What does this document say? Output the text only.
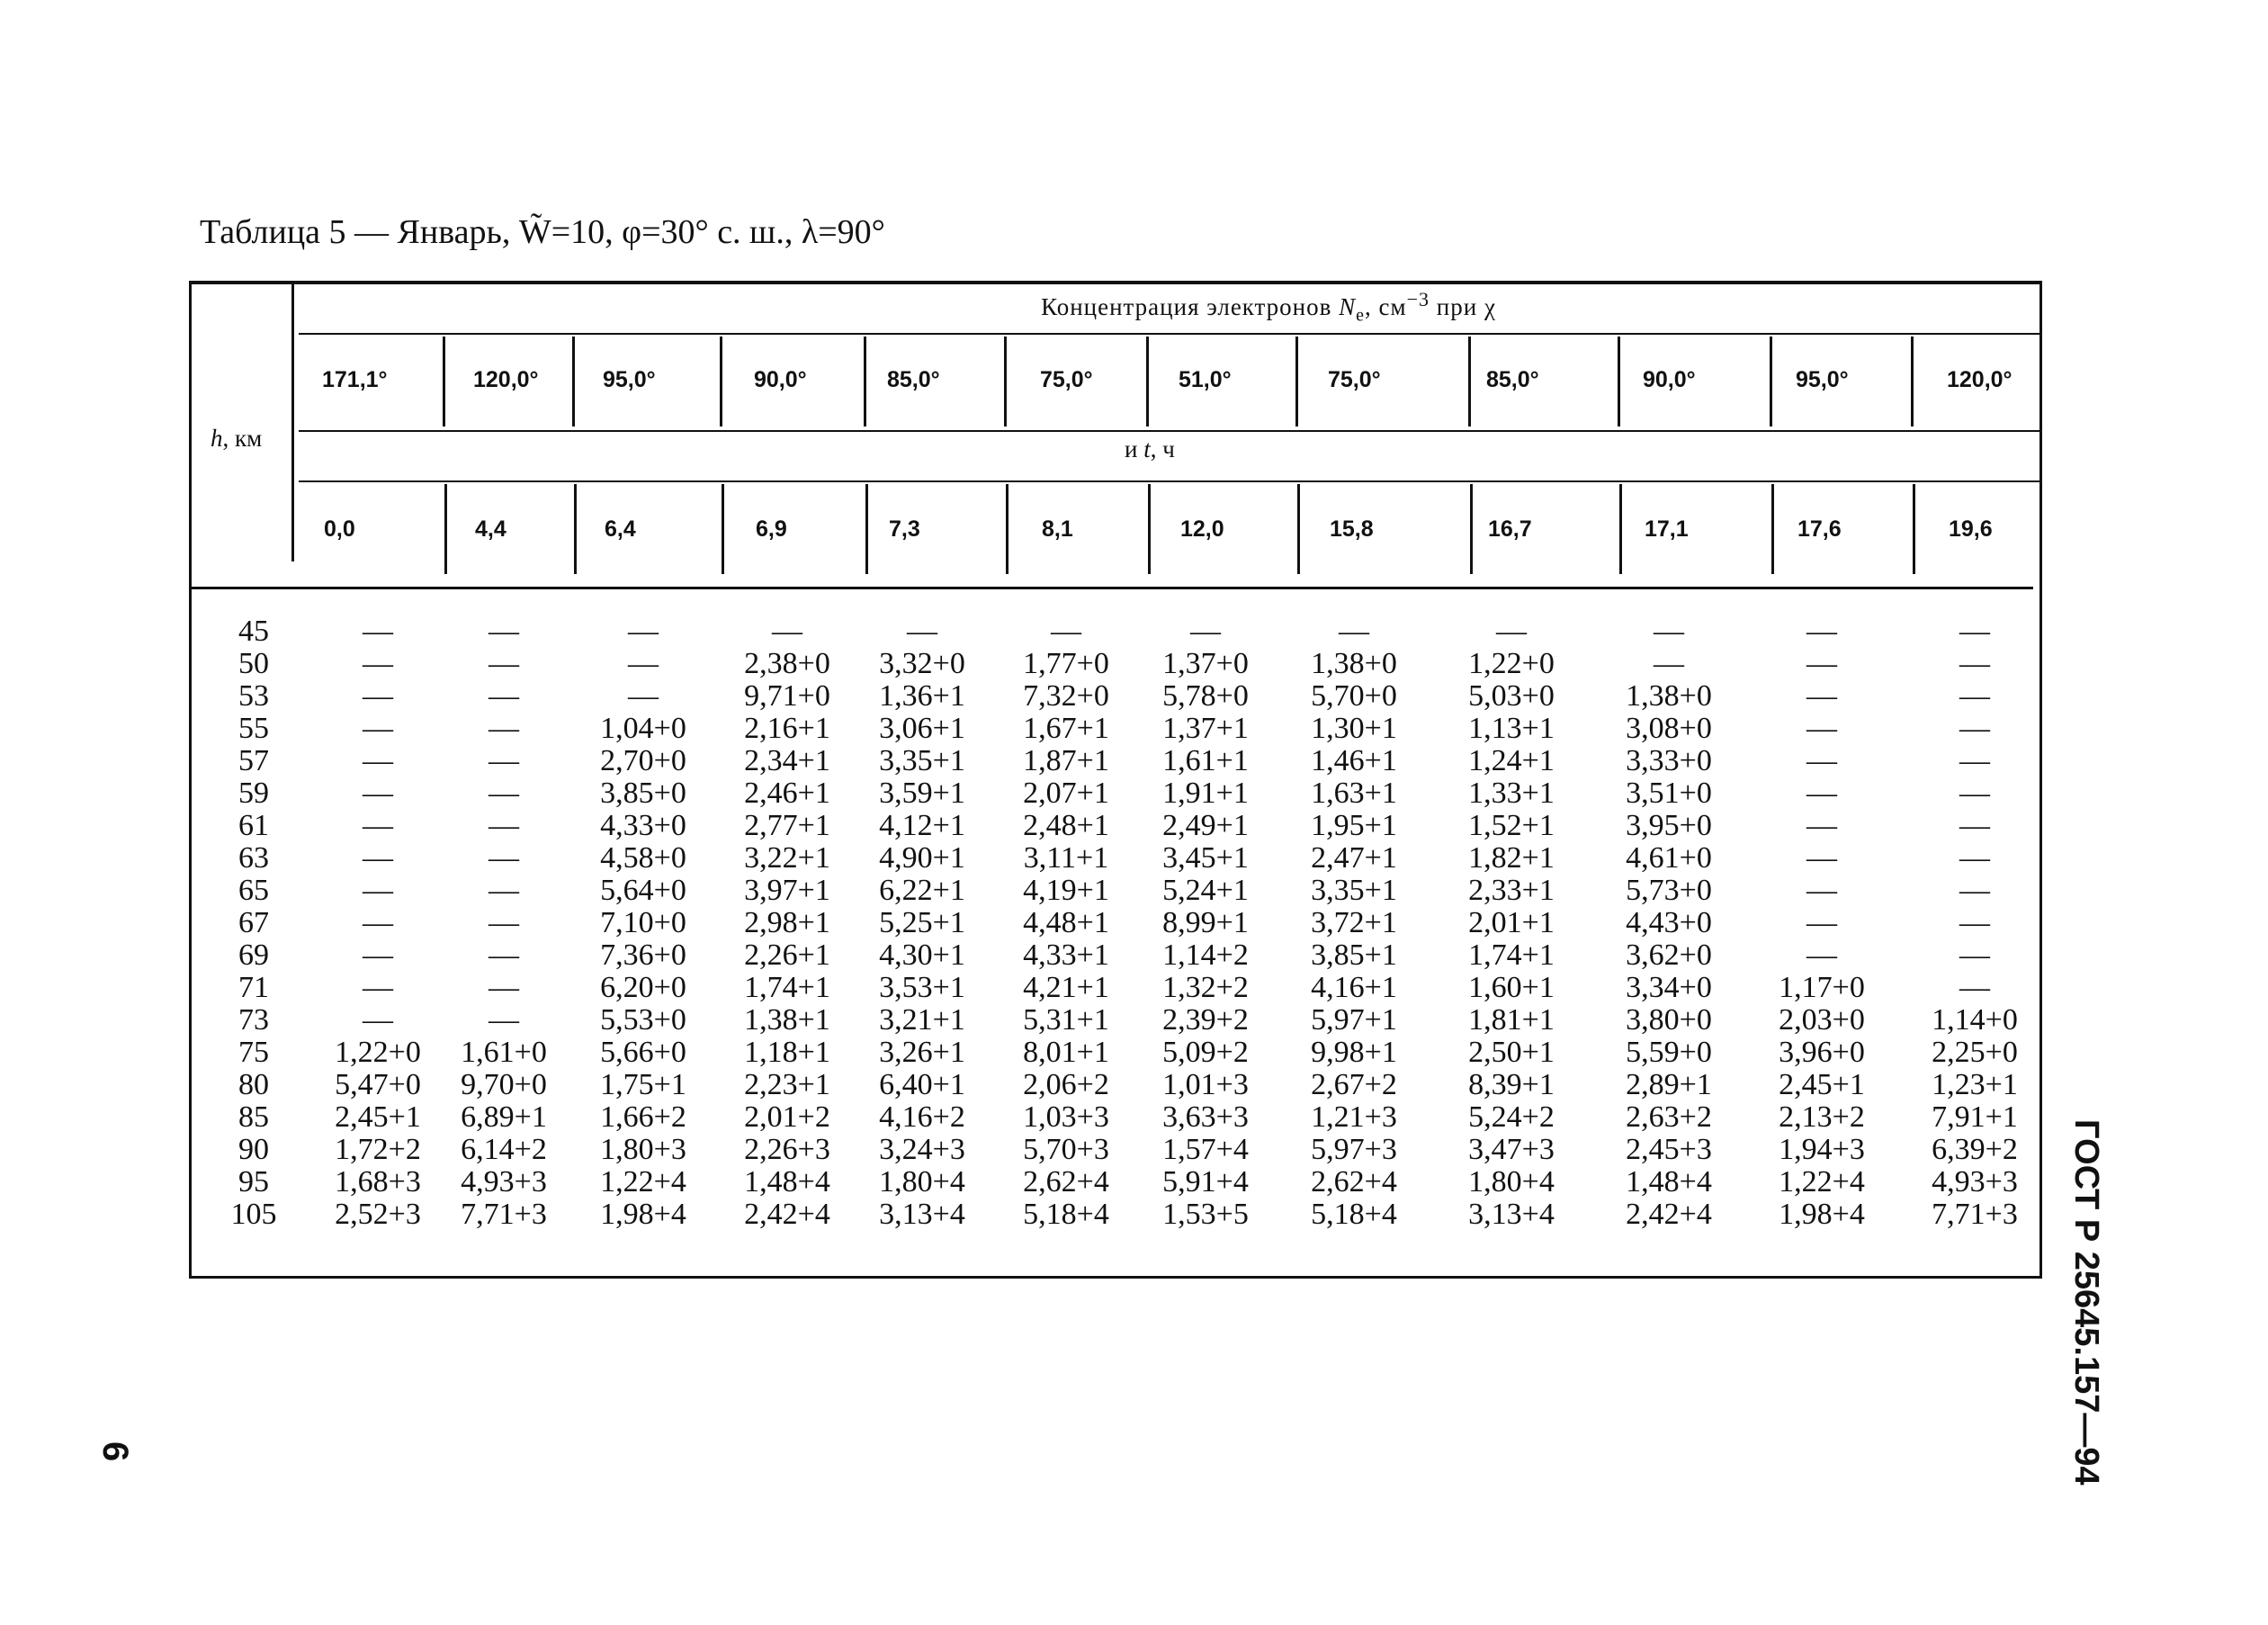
Таблица 5 — Январь, W̃=10, φ=30° с. ш., λ=90°
Концентрация электронов $N_e$, $см^{-3}$ при χ
и t, ч
h, км
171,1°	120,0°	95,0°	90,0°	85,0°	75,0°	51,0°	75,0°	85,0°	90,0°	95,0°	120,0°
0,0	4,4	6,4	6,9	7,3	8,1	12,0	15,8	16,7	17,1	17,6	19,6
45	—	—	—	—	—	—	—	—	—	—	—	—
50	—	—	—	2,38+0	3,32+0	1,77+0	1,37+0	1,38+0	1,22+0	—	—	—
53	—	—	—	9,71+0	1,36+1	7,32+0	5,78+0	5,70+0	5,03+0	1,38+0	—	—
55	—	—	1,04+0	2,16+1	3,06+1	1,67+1	1,37+1	1,30+1	1,13+1	3,08+0	—	—
57	—	—	2,70+0	2,34+1	3,35+1	1,87+1	1,61+1	1,46+1	1,24+1	3,33+0	—	—
59	—	—	3,85+0	2,46+1	3,59+1	2,07+1	1,91+1	1,63+1	1,33+1	3,51+0	—	—
61	—	—	4,33+0	2,77+1	4,12+1	2,48+1	2,49+1	1,95+1	1,52+1	3,95+0	—	—
63	—	—	4,58+0	3,22+1	4,90+1	3,11+1	3,45+1	2,47+1	1,82+1	4,61+0	—	—
65	—	—	5,64+0	3,97+1	6,22+1	4,19+1	5,24+1	3,35+1	2,33+1	5,73+0	—	—
67	—	—	7,10+0	2,98+1	5,25+1	4,48+1	8,99+1	3,72+1	2,01+1	4,43+0	—	—
69	—	—	7,36+0	2,26+1	4,30+1	4,33+1	1,14+2	3,85+1	1,74+1	3,62+0	—	—
71	—	—	6,20+0	1,74+1	3,53+1	4,21+1	1,32+2	4,16+1	1,60+1	3,34+0	1,17+0	—
73	—	—	5,53+0	1,38+1	3,21+1	5,31+1	2,39+2	5,97+1	1,81+1	3,80+0	2,03+0	1,14+0
75	1,22+0	1,61+0	5,66+0	1,18+1	3,26+1	8,01+1	5,09+2	9,98+1	2,50+1	5,59+0	3,96+0	2,25+0
80	5,47+0	9,70+0	1,75+1	2,23+1	6,40+1	2,06+2	1,01+3	2,67+2	8,39+1	2,89+1	2,45+1	1,23+1
85	2,45+1	6,89+1	1,66+2	2,01+2	4,16+2	1,03+3	3,63+3	1,21+3	5,24+2	2,63+2	2,13+2	7,91+1
90	1,72+2	6,14+2	1,80+3	2,26+3	3,24+3	5,70+3	1,57+4	5,97+3	3,47+3	2,45+3	1,94+3	6,39+2
95	1,68+3	4,93+3	1,22+4	1,48+4	1,80+4	2,62+4	5,91+4	2,62+4	1,80+4	1,48+4	1,22+4	4,93+3
105	2,52+3	7,71+3	1,98+4	2,42+4	3,13+4	5,18+4	1,53+5	5,18+4	3,13+4	2,42+4	1,98+4	7,71+3	ГОСТ Р 25645.157—94
6
